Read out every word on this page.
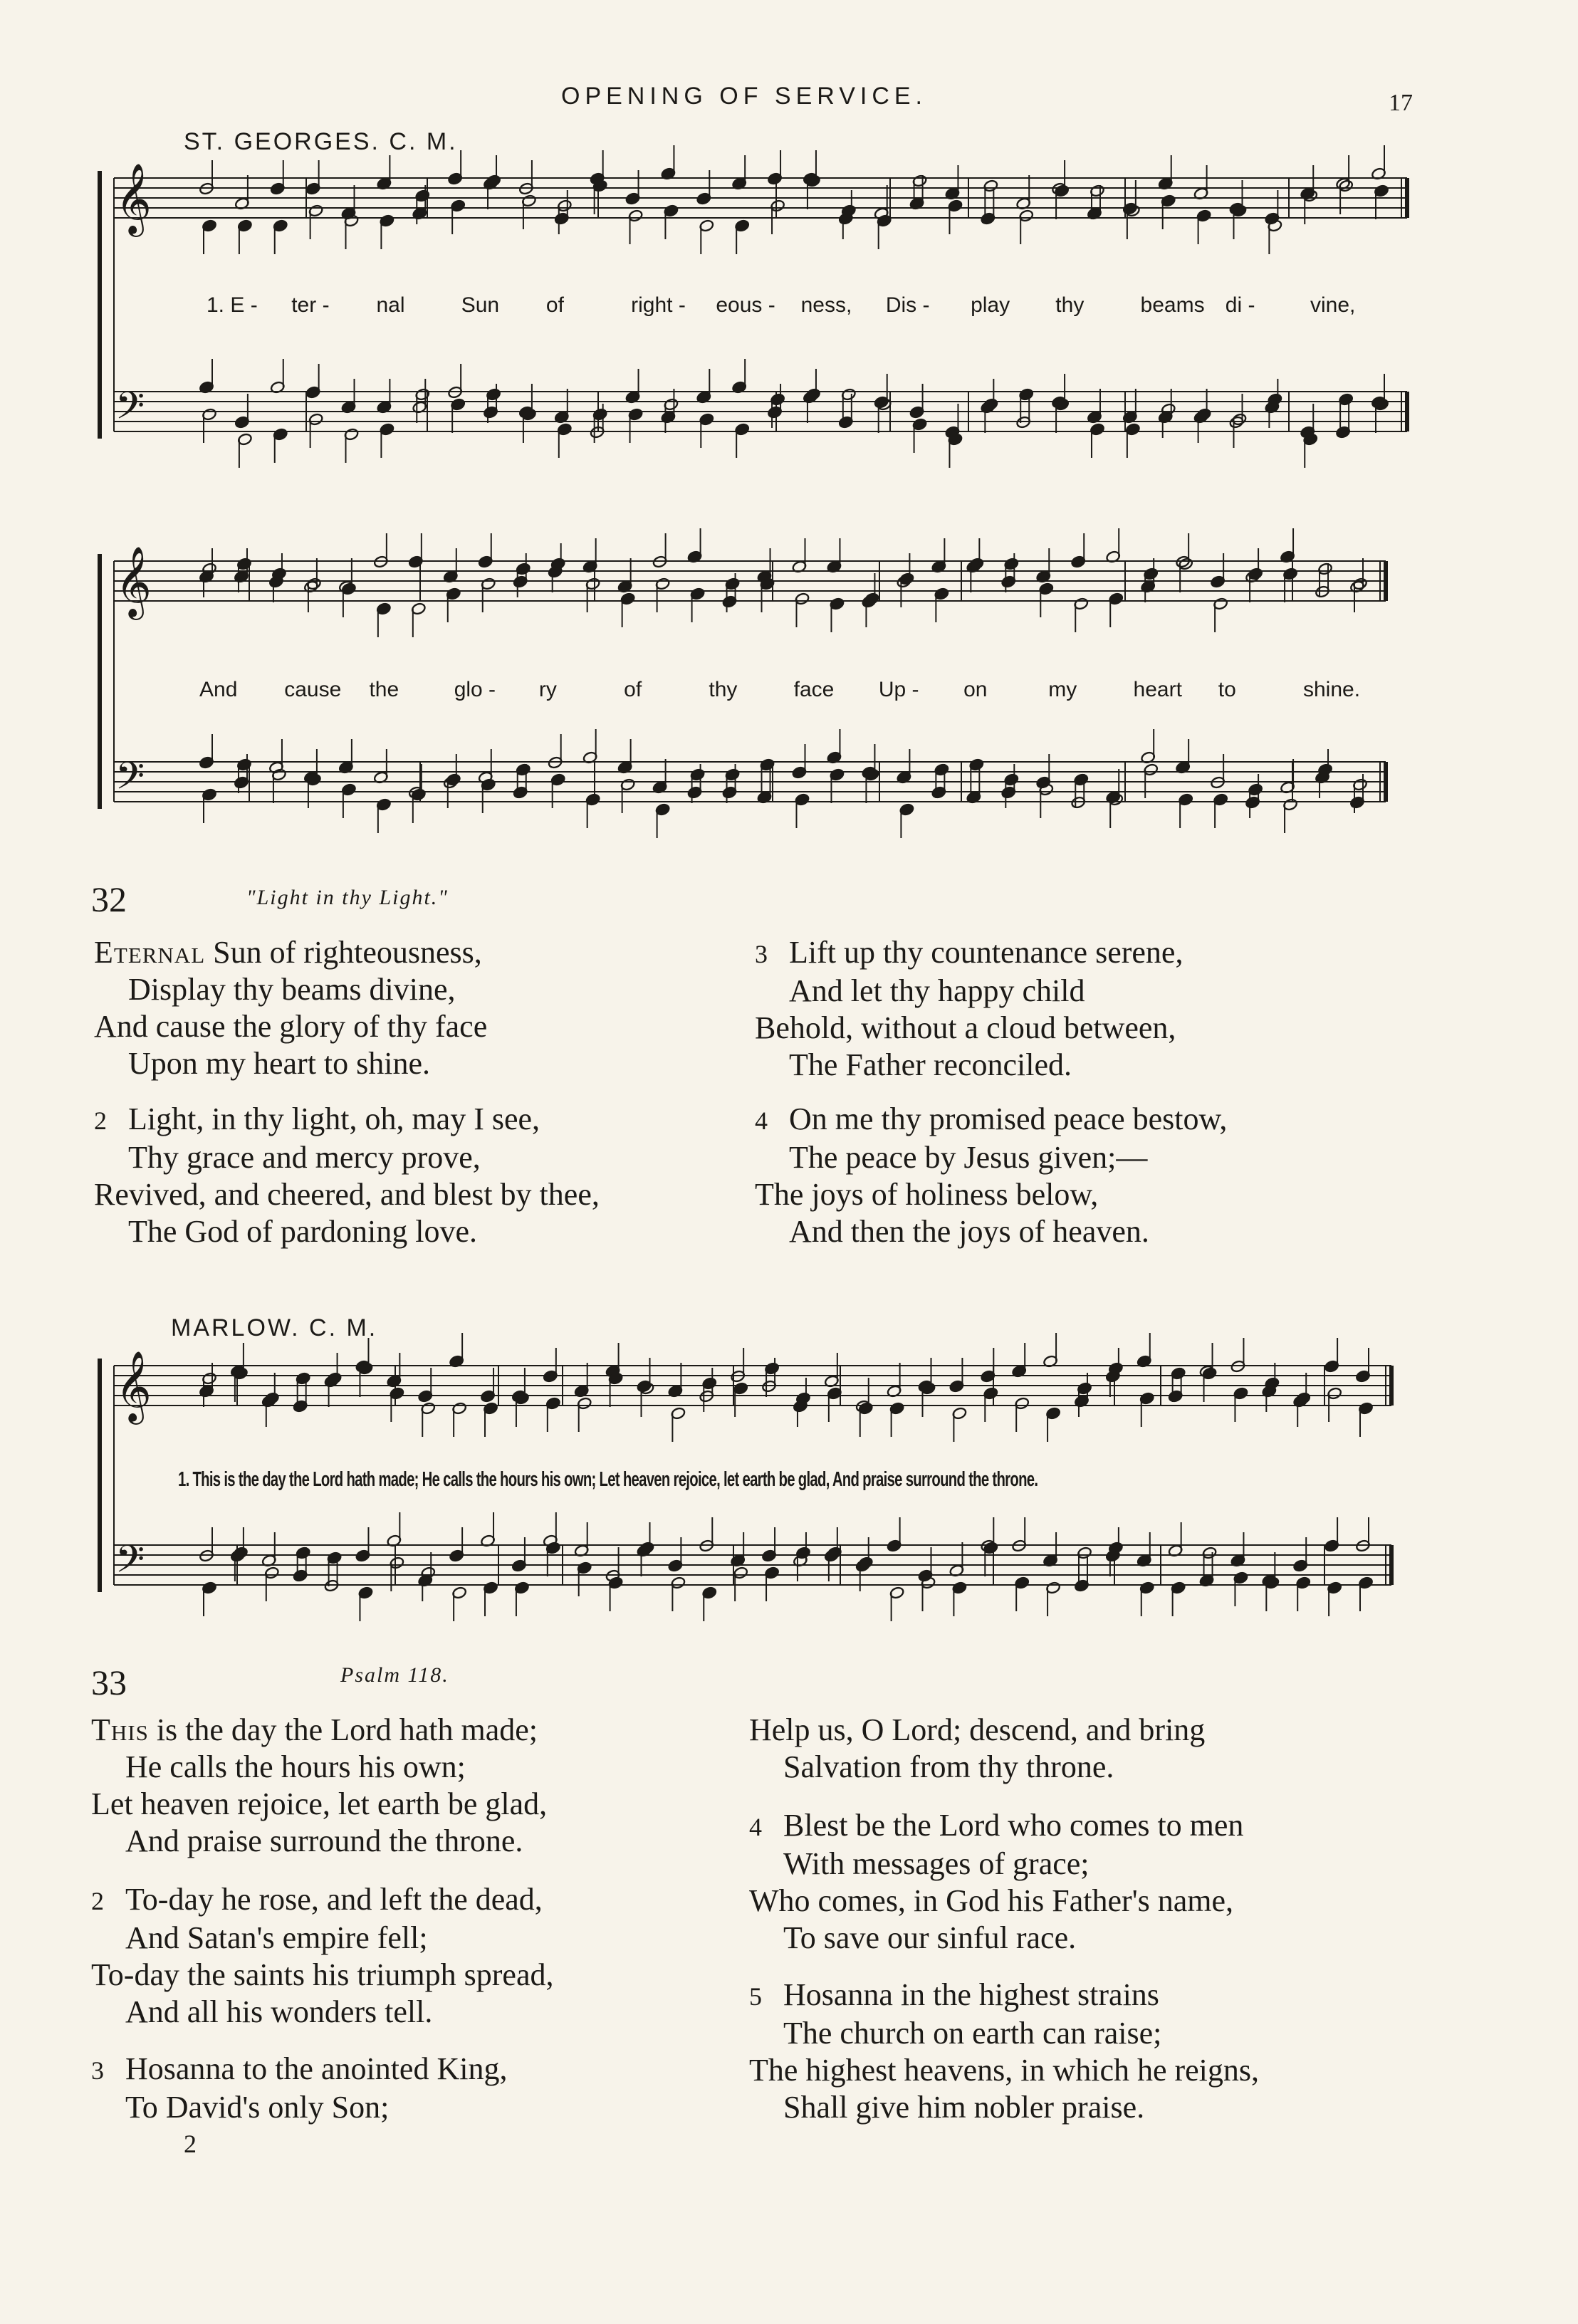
OPENING OF SERVICE.	17
𝄞
𝄢
𝄞
𝄢
𝄞
𝄢
ST. GEORGES. C. M.
1. E - ter - nal	Sun of	right - eous - ness, Dis - play thy	beams di -	vine,
And cause the	glo - ry	of	thy	face Up - on	my	heart to	shine.
32	"Light in thy Light."
Eternal Sun of righteousness,
Display thy beams divine,
And cause the glory of thy face
Upon my heart to shine.
2 Light, in thy light, oh, may I see,
Thy grace and mercy prove,
Revived, and cheered, and blest by thee,
The God of pardoning love.
3 Lift up thy countenance serene,
And let thy happy child
Behold, without a cloud between,
The Father reconciled.
4 On me thy promised peace bestow,
The peace by Jesus given;—
The joys of holiness below,
And then the joys of heaven.
MARLOW. C. M.
1. This is the day the Lord hath made; He calls the hours his own; Let heaven rejoice, let earth be glad, And praise surround the throne.
33	Psalm 118.
This is the day the Lord hath made;
He calls the hours his own;
Let heaven rejoice, let earth be glad,
And praise surround the throne.
2 To-day he rose, and left the dead,
And Satan's empire fell;
To-day the saints his triumph spread,
And all his wonders tell.
3 Hosanna to the anointed King,
To David's only Son;
2
Help us, O Lord; descend, and bring
Salvation from thy throne.
4 Blest be the Lord who comes to men
With messages of grace;
Who comes, in God his Father's name,
To save our sinful race.
5 Hosanna in the highest strains
The church on earth can raise;
The highest heavens, in which he reigns,
Shall give him nobler praise.
